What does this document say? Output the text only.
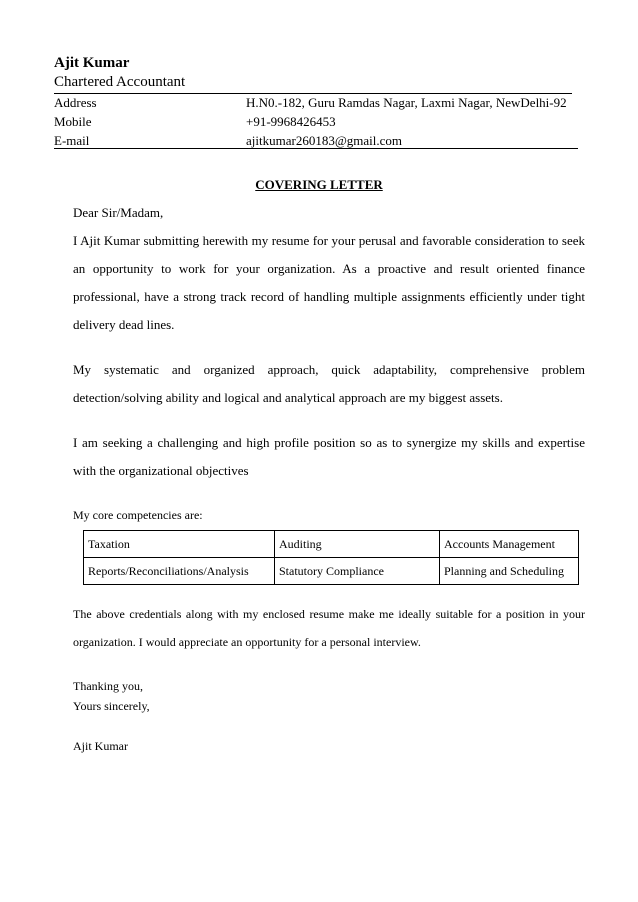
Ajit Kumar
Chartered Accountant
Address	H.N0.-182, Guru Ramdas Nagar, Laxmi Nagar, NewDelhi-92
Mobile	+91-9968426453
E-mail	ajitkumar260183@gmail.com
COVERING LETTER
Dear Sir/Madam,
I Ajit Kumar submitting herewith my resume for your perusal and favorable consideration to seek an opportunity to work for your organization. As a proactive and result oriented finance professional, have a strong track record of handling multiple assignments efficiently under tight delivery dead lines.
My systematic and organized approach, quick adaptability, comprehensive problem detection/solving ability and logical and analytical approach are my biggest assets.
I am seeking a challenging and high profile position so as to synergize my skills and expertise with the organizational objectives
My core competencies are:
Taxation	Auditing	Accounts Management
Reports/Reconciliations/Analysis	Statutory Compliance	Planning and Scheduling
The above credentials along with my enclosed resume make me ideally suitable for a position in your organization. I would appreciate an opportunity for a personal interview.
Thanking you,
Yours sincerely,
Ajit Kumar
